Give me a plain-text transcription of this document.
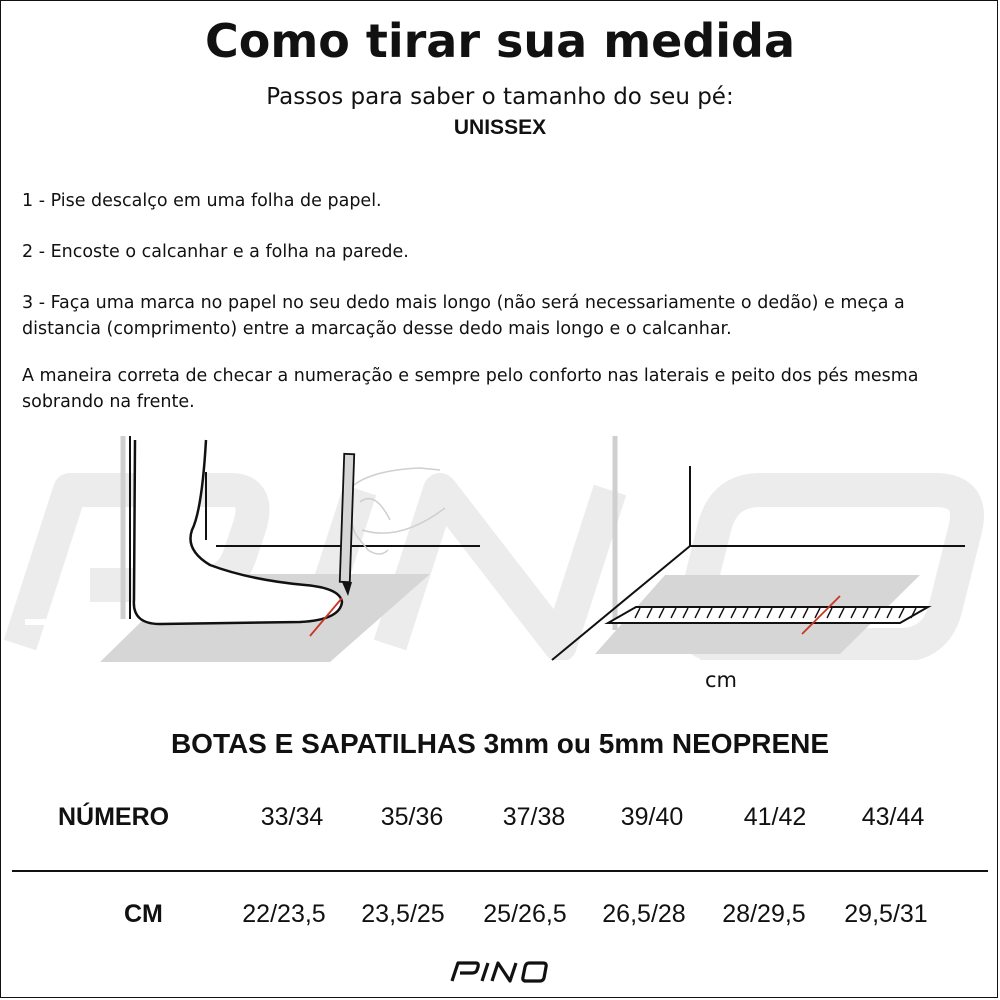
Como tirar sua medida
Passos para saber o tamanho do seu pé:
UNISSEX
1 - Pise descalço em uma folha de papel.
2 - Encoste o calcanhar e a folha na parede.
3 - Faça uma marca no papel no seu dedo mais longo (não será necessariamente o dedão) e meça a distancia (comprimento) entre a marcação desse dedo mais longo e o calcanhar.
A maneira correta de checar a numeração e sempre pelo conforto nas laterais e peito dos pés mesma sobrando na frente.
cm
BOTAS E SAPATILHAS 3mm ou 5mm NEOPRENE
NÚMERO	33/34	35/36	37/38	39/40	41/42	43/44
CM	22/23,5	23,5/25	25/26,5	26,5/28	28/29,5	29,5/31
